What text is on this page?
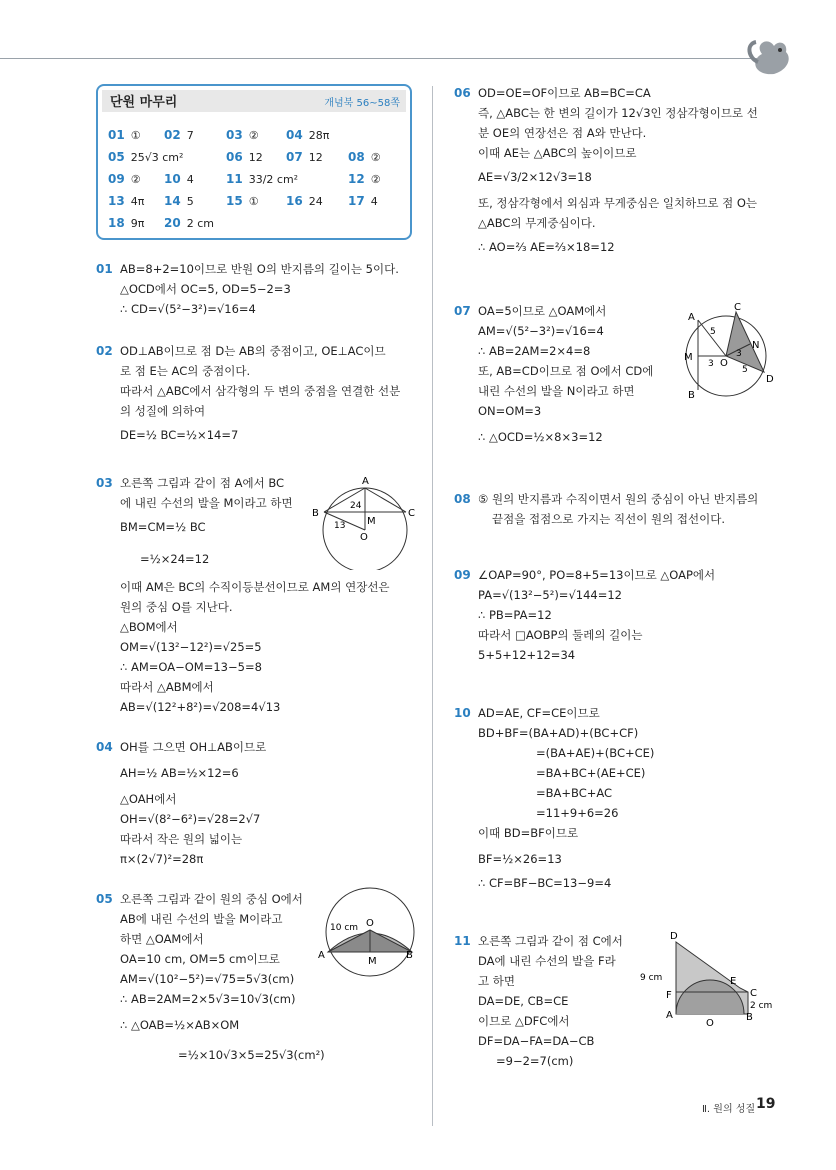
단원 마무리	개념북 56~58쪽
01 ① 02 7	03 ② 04 28π
05 25√3 cm²	06 12 07 12 08 ②
09 ② 10 4	11 33/2 cm²	12 ②
13 4π 14 5	15 ① 16 24 17 4
18 9π 20 2 cm
01 AB=8+2=10이므로 반원 O의 반지름의 길이는 5이다.
△OCD에서 OC=5, OD=5−2=3
∴ CD=√(5²−3²)=√16=4
02 OD⊥AB이므로 점 D는 AB의 중점이고, OE⊥AC이므
로 점 E는 AC의 중점이다.
따라서 △ABC에서 삼각형의 두 변의 중점을 연결한 선분
의 성질에 의하여
DE=½ BC=½×14=7
03 오른쪽 그림과 같이 점 A에서 BC
에 내린 수선의 발을 M이라고 하면
BM=CM=½ BC
=½×24=12
이때 AM은 BC의 수직이등분선이므로 AM의 연장선은
원의 중심 O를 지난다.
△BOM에서
OM=√(13²−12²)=√25=5
∴ AM=OA−OM=13−5=8
따라서 △ABM에서
AB=√(12²+8²)=√208=4√13
A
B	C
M
O
24
13
04 OH를 그으면 OH⊥AB이므로
AH=½ AB=½×12=6
△OAH에서
OH=√(8²−6²)=√28=2√7
따라서 작은 원의 넓이는
π×(2√7)²=28π
05 오른쪽 그림과 같이 원의 중심 O에서
AB에 내린 수선의 발을 M이라고
하면 △OAM에서
OA=10 cm, OM=5 cm이므로
AM=√(10²−5²)=√75=5√3(cm)
∴ AB=2AM=2×5√3=10√3(cm)
∴ △OAB=½×AB×OM
=½×10√3×5=25√3(cm²)
O
A	B
M
10 cm
06 OD=OE=OF이므로 AB=BC=CA
즉, △ABC는 한 변의 길이가 12√3인 정삼각형이므로 선
분 OE의 연장선은 점 A와 만난다.
이때 AE는 △ABC의 높이이므로
AE=√3/2×12√3=18
또, 정삼각형에서 외심과 무게중심은 일치하므로 점 O는
△ABC의 무게중심이다.
∴ AO=⅔ AE=⅔×18=12
07 OA=5이므로 △OAM에서
AM=√(5²−3²)=√16=4
∴ AB=2AM=2×4=8
또, AB=CD이므로 점 O에서 CD에
내린 수선의 발을 N이라고 하면
ON=OM=3
∴ △OCD=½×8×3=12
A
B
C
D
M
N
O
5
5
3
3
08 ⑤ 원의 반지름과 수직이면서 원의 중심이 아닌 반지름의
끝점을 접점으로 가지는 직선이 원의 접선이다.
09 ∠OAP=90°, PO=8+5=13이므로 △OAP에서
PA=√(13²−5²)=√144=12
∴ PB=PA=12
따라서 □AOBP의 둘레의 길이는
5+5+12+12=34
10 AD=AE, CF=CE이므로
BD+BF=(BA+AD)+(BC+CF)
=(BA+AE)+(BC+CE)
=BA+BC+(AE+CE)
=BA+BC+AC
=11+9+6=26
이때 BD=BF이므로
BF=½×26=13
∴ CF=BF−BC=13−9=4
11 오른쪽 그림과 같이 점 C에서
DA에 내린 수선의 발을 F라
고 하면
DA=DE, CB=CE
이므로 △DFC에서
DF=DA−FA=DA−CB
=9−2=7(cm)
D
E
C
F
A	B
O
9 cm
2 cm
Ⅱ. 원의 성질 19
